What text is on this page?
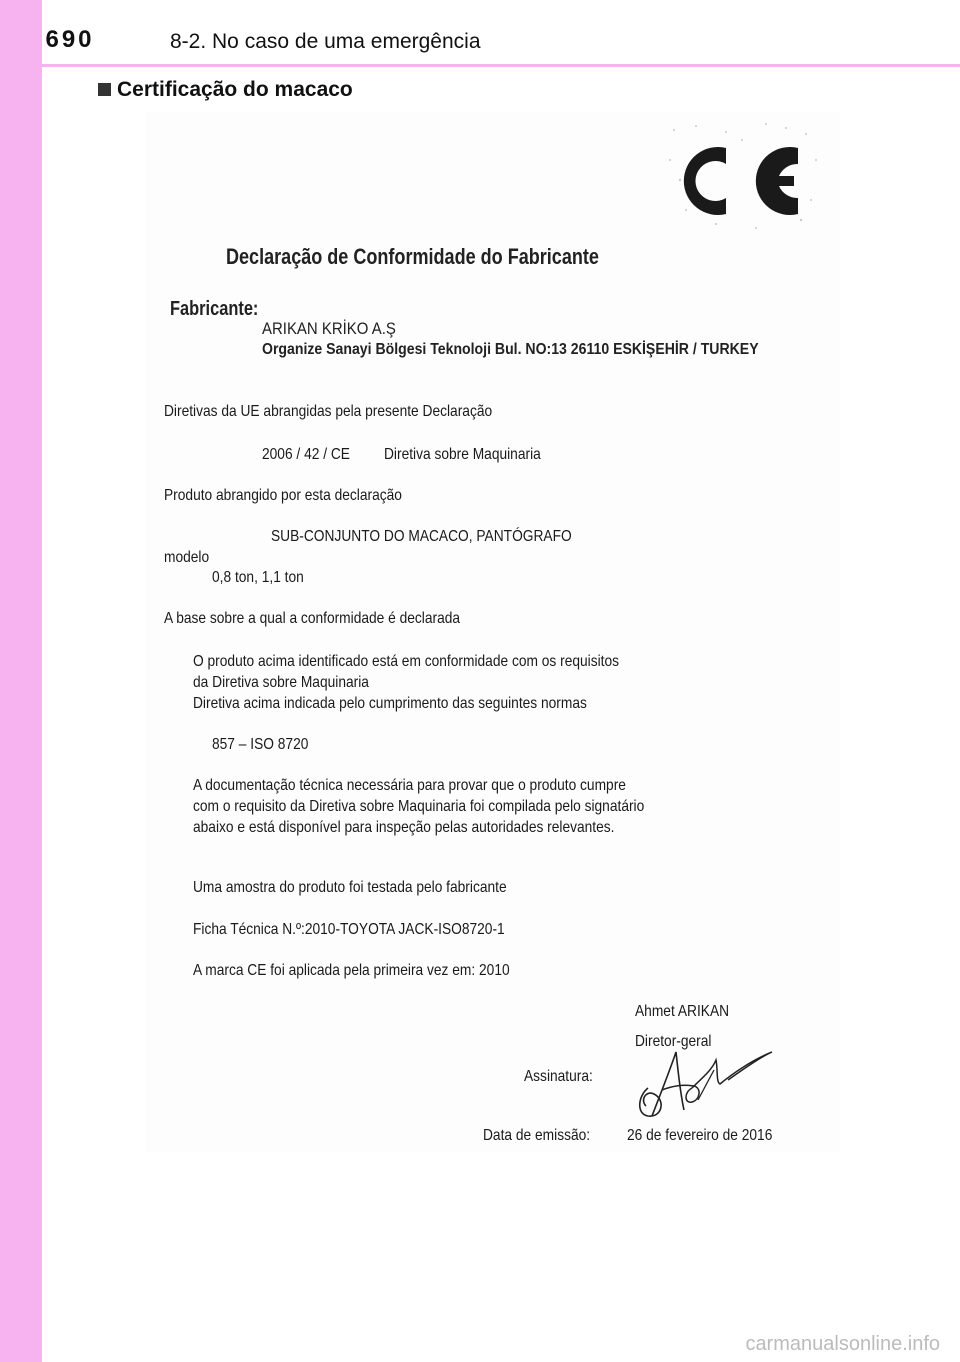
690	8-2. No caso de uma emergência
Certificação do macaco
Declaração de Conformidade do Fabricante
Fabricante:
ARIKAN KRİKO A.Ş
Organize Sanayi Bölgesi Teknoloji Bul. NO:13 26110 ESKİŞEHİR / TURKEY
Diretivas da UE abrangidas pela presente Declaração
2006 / 42 / CE Diretiva sobre Maquinaria
Produto abrangido por esta declaração
SUB-CONJUNTO DO MACACO, PANTÓGRAFO
modelo
0,8 ton, 1,1 ton
A base sobre a qual a conformidade é declarada
O produto acima identificado está em conformidade com os requisitos
da Diretiva sobre Maquinaria
Diretiva acima indicada pelo cumprimento das seguintes normas
857 – ISO 8720
A documentação técnica necessária para provar que o produto cumpre
com o requisito da Diretiva sobre Maquinaria foi compilada pelo signatário
abaixo e está disponível para inspeção pelas autoridades relevantes.
Uma amostra do produto foi testada pelo fabricante
Ficha Técnica N.º:2010-TOYOTA JACK-ISO8720-1
A marca CE foi aplicada pela primeira vez em: 2010
Ahmet ARIKAN
Diretor-geral
Assinatura:
Data de emissão: 26 de fevereiro de 2016
carmanualsonline.info
